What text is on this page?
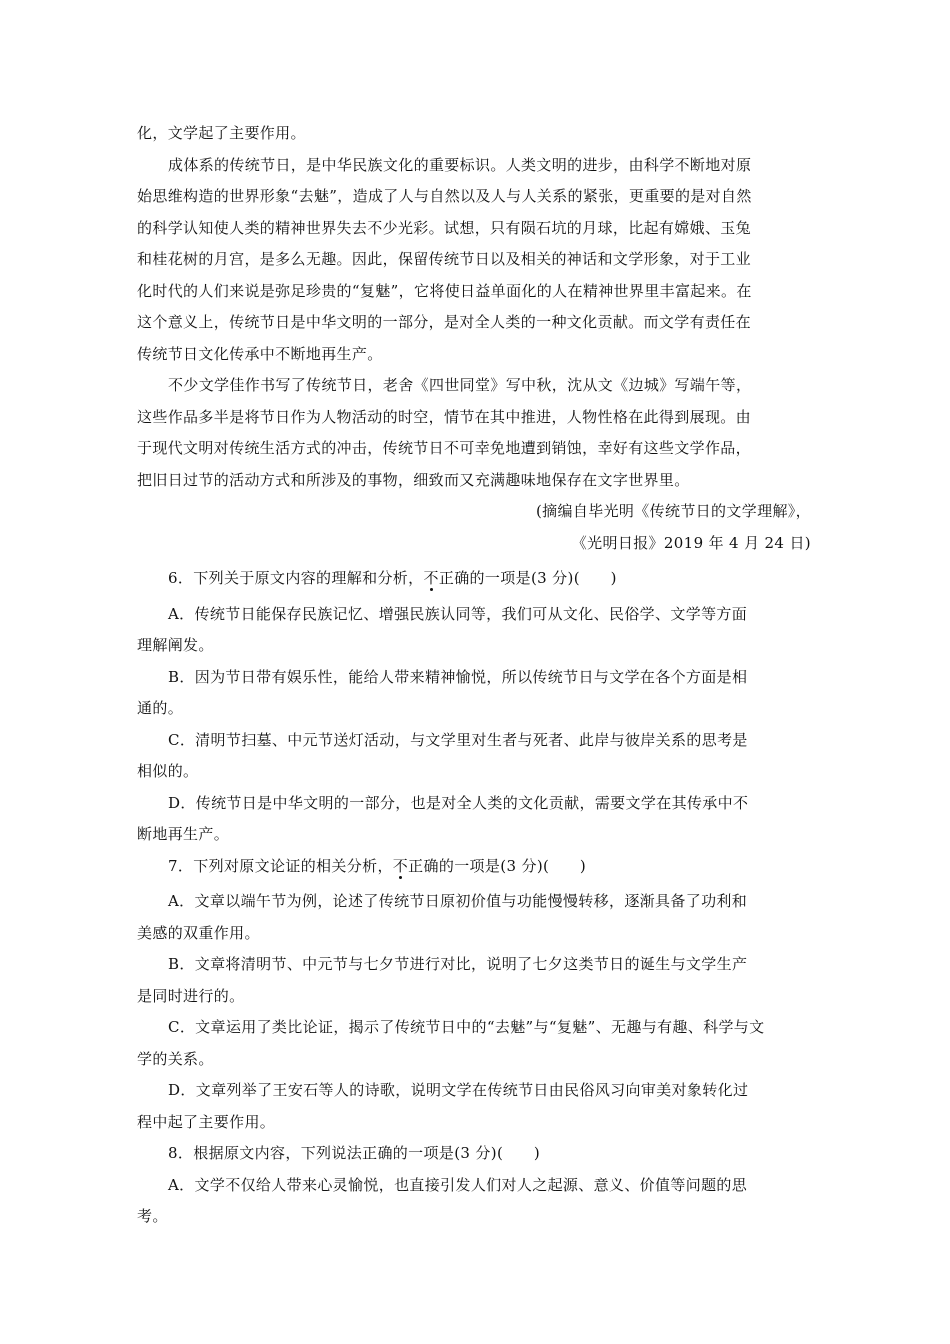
化，文学起了主要作用。
成体系的传统节日，是中华民族文化的重要标识。人类文明的进步，由科学不断地对原
始思维构造的世界形象“去魅”，造成了人与自然以及人与人关系的紧张，更重要的是对自然
的科学认知使人类的精神世界失去不少光彩。试想，只有陨石坑的月球，比起有嫦娥、玉兔
和桂花树的月宫，是多么无趣。因此，保留传统节日以及相关的神话和文学形象，对于工业
化时代的人们来说是弥足珍贵的“复魅”，它将使日益单面化的人在精神世界里丰富起来。在
这个意义上，传统节日是中华文明的一部分，是对全人类的一种文化贡献。而文学有责任在
传统节日文化传承中不断地再生产。
不少文学佳作书写了传统节日，老舍《四世同堂》写中秋，沈从文《边城》写端午等，
这些作品多半是将节日作为人物活动的时空，情节在其中推进，人物性格在此得到展现。由
于现代文明对传统生活方式的冲击，传统节日不可幸免地遭到销蚀，幸好有这些文学作品，
把旧日过节的活动方式和所涉及的事物，细致而又充满趣味地保存在文字世界里。
(摘编自毕光明《传统节日的文学理解》，
《光明日报》2019 年 4 月 24 日)
6．下列关于原文内容的理解和分析，不正确的一项是(3 分)(　　)
A．传统节日能保存民族记忆、增强民族认同等，我们可从文化、民俗学、文学等方面
理解阐发。
B．因为节日带有娱乐性，能给人带来精神愉悦，所以传统节日与文学在各个方面是相
通的。
C．清明节扫墓、中元节送灯活动，与文学里对生者与死者、此岸与彼岸关系的思考是
相似的。
D．传统节日是中华文明的一部分，也是对全人类的文化贡献，需要文学在其传承中不
断地再生产。
7．下列对原文论证的相关分析，不正确的一项是(3 分)(　　)
A．文章以端午节为例，论述了传统节日原初价值与功能慢慢转移，逐渐具备了功利和
美感的双重作用。
B．文章将清明节、中元节与七夕节进行对比，说明了七夕这类节日的诞生与文学生产
是同时进行的。
C．文章运用了类比论证，揭示了传统节日中的“去魅”与“复魅”、无趣与有趣、科学与文
学的关系。
D．文章列举了王安石等人的诗歌，说明文学在传统节日由民俗风习向审美对象转化过
程中起了主要作用。
8．根据原文内容，下列说法正确的一项是(3 分)(　　)
A．文学不仅给人带来心灵愉悦，也直接引发人们对人之起源、意义、价值等问题的思
考。
